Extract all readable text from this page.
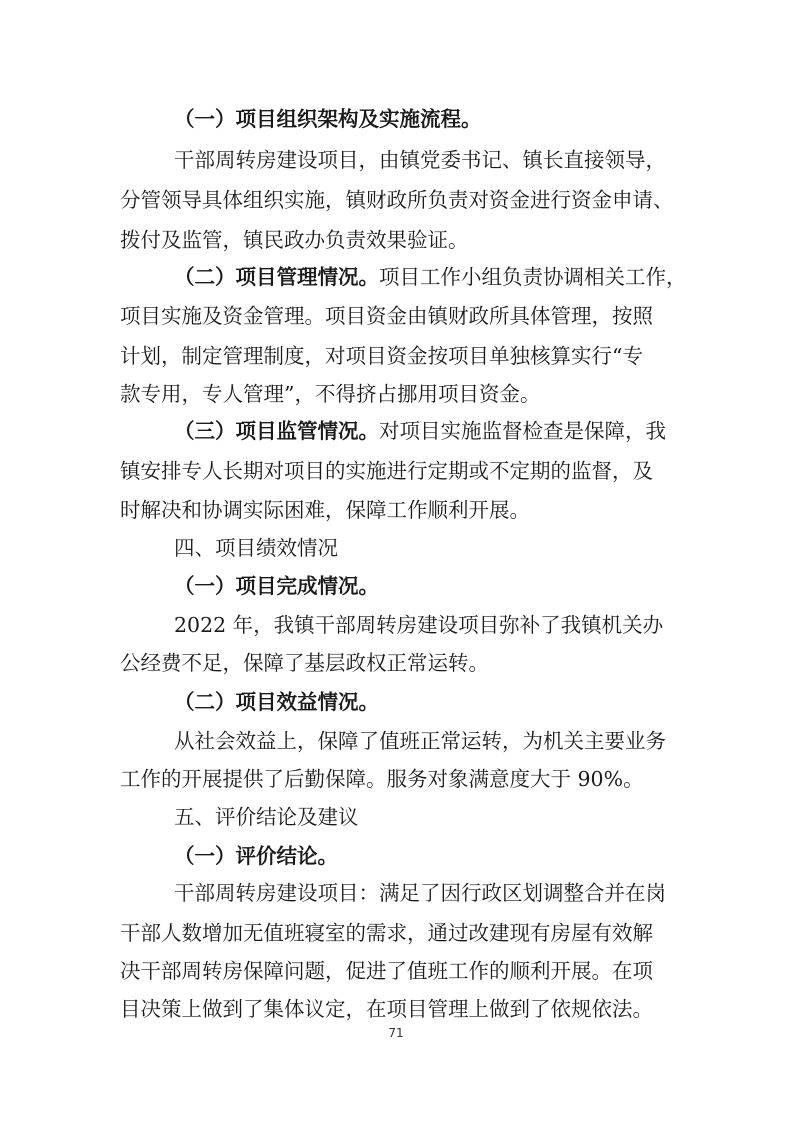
（一）项目组织架构及实施流程。
干部周转房建设项目，由镇党委书记、镇长直接领导，
分管领导具体组织实施，镇财政所负责对资金进行资金申请、
拨付及监管，镇民政办负责效果验证。
（二）项目管理情况。项目工作小组负责协调相关工作，
项目实施及资金管理。项目资金由镇财政所具体管理，按照
计划，制定管理制度，对项目资金按项目单独核算实行“专
款专用，专人管理”，不得挤占挪用项目资金。
（三）项目监管情况。对项目实施监督检查是保障，我
镇安排专人长期对项目的实施进行定期或不定期的监督，及
时解决和协调实际困难，保障工作顺利开展。
四、项目绩效情况
（一）项目完成情况。
2022 年，我镇干部周转房建设项目弥补了我镇机关办
公经费不足，保障了基层政权正常运转。
（二）项目效益情况。
从社会效益上，保障了值班正常运转，为机关主要业务
工作的开展提供了后勤保障。服务对象满意度大于 90%。
五、评价结论及建议
（一）评价结论。
干部周转房建设项目：满足了因行政区划调整合并在岗
干部人数增加无值班寝室的需求，通过改建现有房屋有效解
决干部周转房保障问题，促进了值班工作的顺利开展。在项
目决策上做到了集体议定，在项目管理上做到了依规依法。
71
